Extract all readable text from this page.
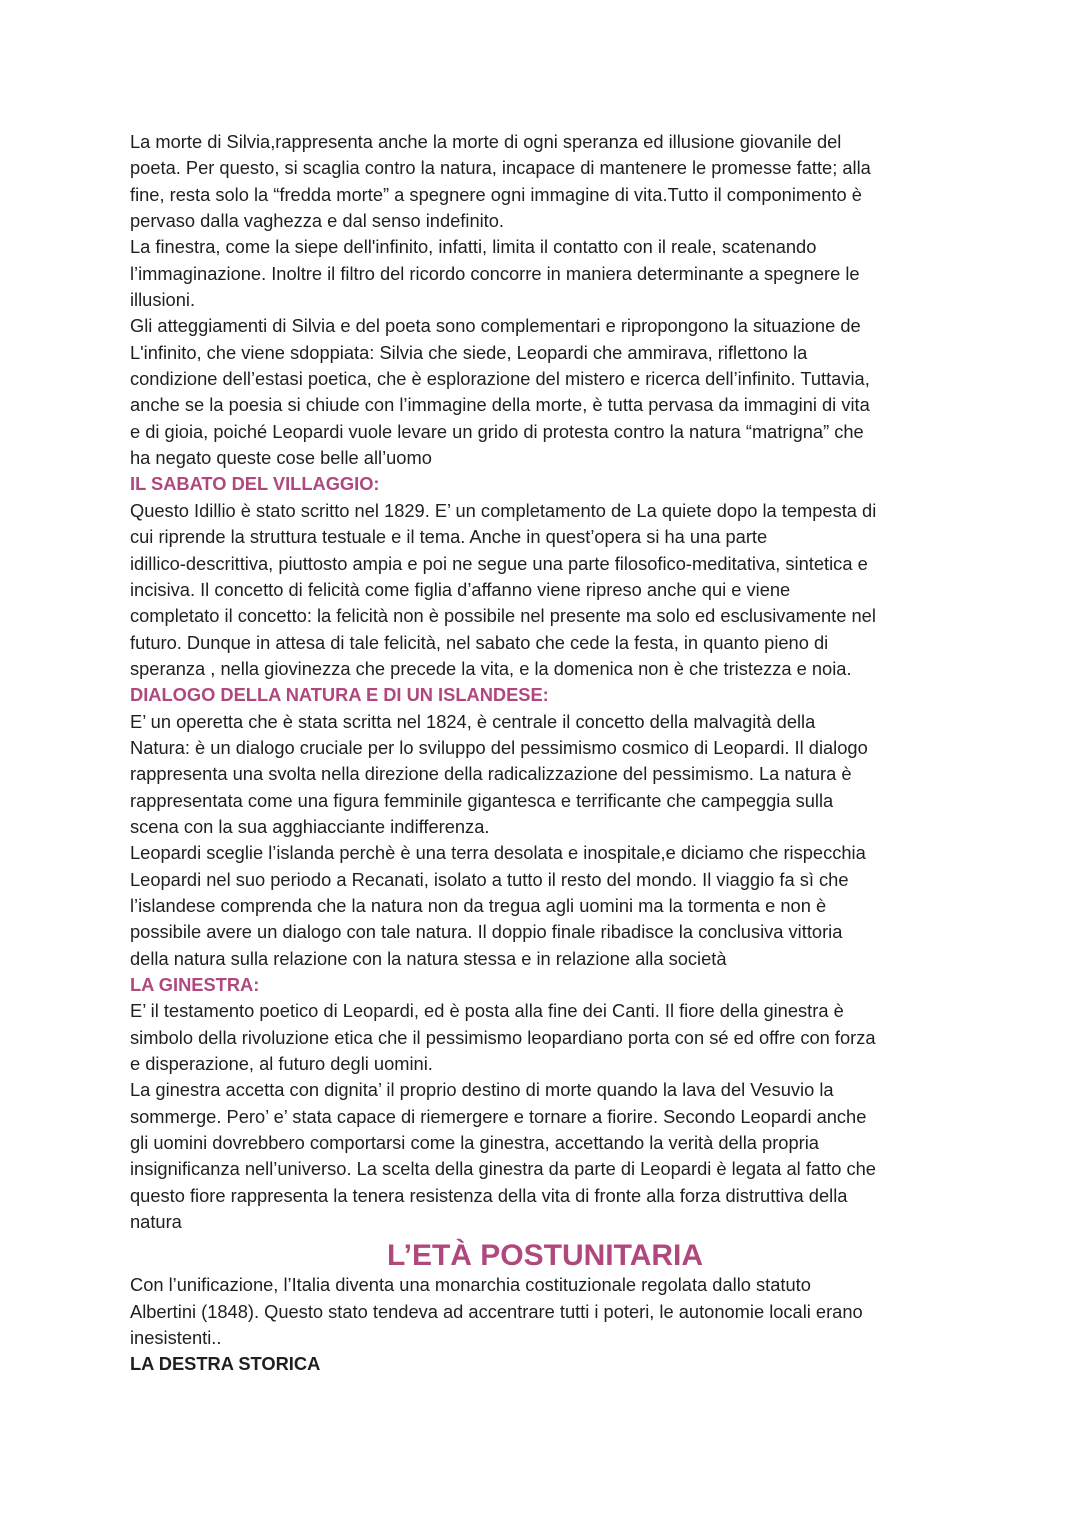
La morte di Silvia,rappresenta anche la morte di ogni speranza ed illusione giovanile del
poeta. Per questo, si scaglia contro la natura, incapace di mantenere le promesse fatte; alla
fine, resta solo la “fredda morte” a spegnere ogni immagine di vita.Tutto il componimento è
pervaso dalla vaghezza e dal senso indefinito.
La finestra, come la siepe dell'infinito, infatti, limita il contatto con il reale, scatenando
l’immaginazione. Inoltre il filtro del ricordo concorre in maniera determinante a spegnere le
illusioni.
Gli atteggiamenti di Silvia e del poeta sono complementari e ripropongono la situazione de
L'infinito, che viene sdoppiata: Silvia che siede, Leopardi che ammirava, riflettono la
condizione dell’estasi poetica, che è esplorazione del mistero e ricerca dell’infinito. Tuttavia,
anche se la poesia si chiude con l’immagine della morte, è tutta pervasa da immagini di vita
e di gioia, poiché Leopardi vuole levare un grido di protesta contro la natura “matrigna” che
ha negato queste cose belle all’uomo
IL SABATO DEL VILLAGGIO:
Questo Idillio è stato scritto nel 1829. E’ un completamento de La quiete dopo la tempesta di
cui riprende la struttura testuale e il tema. Anche in quest’opera si ha una parte
idillico-descrittiva, piuttosto ampia e poi ne segue una parte filosofico-meditativa, sintetica e
incisiva. Il concetto di felicità come figlia d’affanno viene ripreso anche qui e viene
completato il concetto: la felicità non è possibile nel presente ma solo ed esclusivamente nel
futuro. Dunque in attesa di tale felicità, nel sabato che cede la festa, in quanto pieno di
speranza , nella giovinezza che precede la vita, e la domenica non è che tristezza e noia.
DIALOGO DELLA NATURA E DI UN ISLANDESE:
E’ un operetta che è stata scritta nel 1824, è centrale il concetto della malvagità della
Natura: è un dialogo cruciale per lo sviluppo del pessimismo cosmico di Leopardi. Il dialogo
rappresenta una svolta nella direzione della radicalizzazione del pessimismo. La natura è
rappresentata come una figura femminile gigantesca e terrificante che campeggia sulla
scena con la sua agghiacciante indifferenza.
Leopardi sceglie l’islanda perchè è una terra desolata e inospitale,e diciamo che rispecchia
Leopardi nel suo periodo a Recanati, isolato a tutto il resto del mondo. Il viaggio fa sì che
l’islandese comprenda che la natura non da tregua agli uomini ma la tormenta e non è
possibile avere un dialogo con tale natura. Il doppio finale ribadisce la conclusiva vittoria
della natura sulla relazione con la natura stessa e in relazione alla società
LA GINESTRA:
E’ il testamento poetico di Leopardi, ed è posta alla fine dei Canti. Il fiore della ginestra è
simbolo della rivoluzione etica che il pessimismo leopardiano porta con sé ed offre con forza
e disperazione, al futuro degli uomini.
La ginestra accetta con dignita’ il proprio destino di morte quando la lava del Vesuvio la
sommerge. Pero’ e’ stata capace di riemergere e tornare a fiorire. Secondo Leopardi anche
gli uomini dovrebbero comportarsi come la ginestra, accettando la verità della propria
insignificanza nell’universo. La scelta della ginestra da parte di Leopardi è legata al fatto che
questo fiore rappresenta la tenera resistenza della vita di fronte alla forza distruttiva della
natura
L’ETÀ POSTUNITARIA
Con l’unificazione, l’Italia diventa una monarchia costituzionale regolata dallo statuto
Albertini (1848). Questo stato tendeva ad accentrare tutti i poteri, le autonomie locali erano
inesistenti..
LA DESTRA STORICA
